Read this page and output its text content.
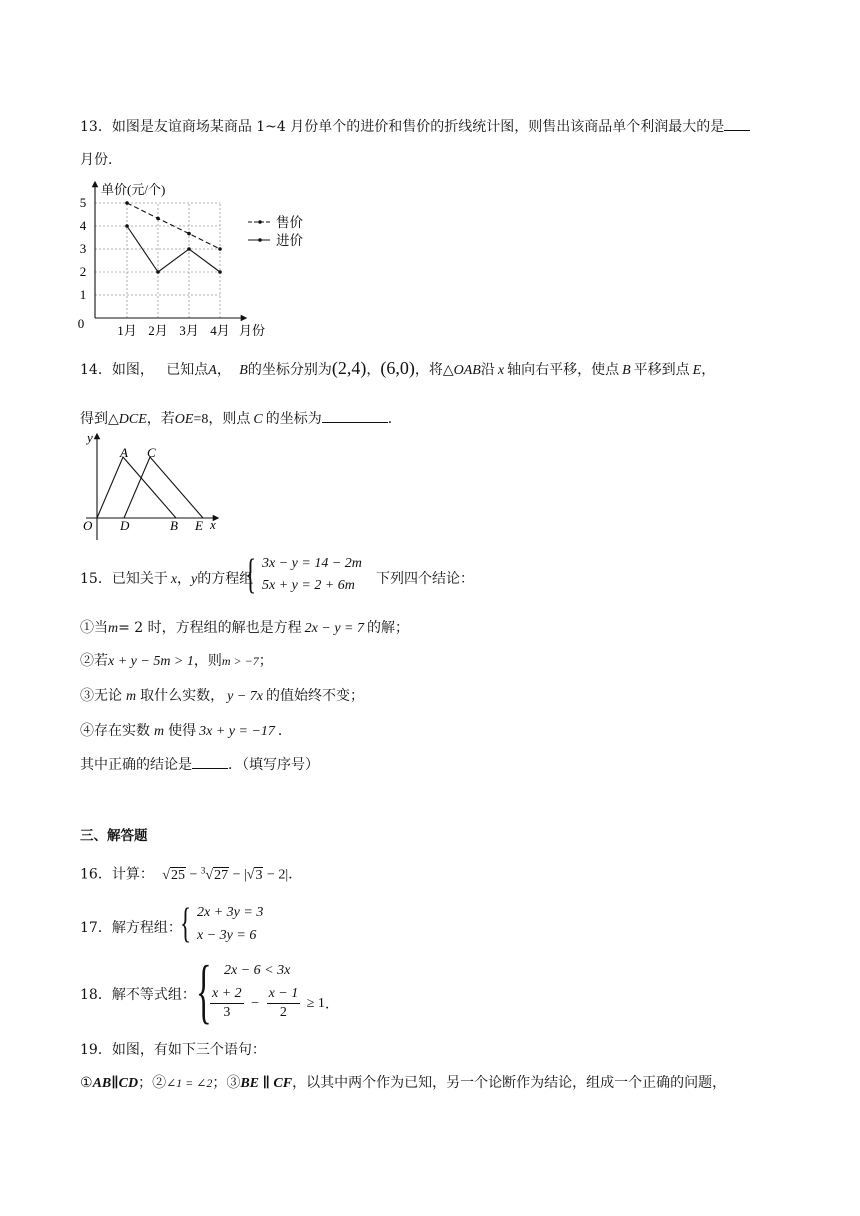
13．如图是友谊商场某商品 1~4 月份单个的进价和售价的折线统计图，则售出该商品单个利润最大的是
月份．
0
1
2
3
4
5
1月 2月 3月 4月 月份
单价(元/个)
售价
进价
14．如图， 已知点A， B的坐标分别为(2,4)，(6,0)，将△OAB沿 x 轴向右平移，使点 B 平移到点 E，
得到△DCE，若OE=8，则点 C 的坐标为	．
y
A C
O D	B E x
15．已知关于 x，y的方程组
{ 3x − y = 14 − 2m
5x + y = 2 + 6m 下列四个结论：
①当m= 2 时，方程组的解也是方程 2x − y = 7 的解；
②若x + y − 5m > 1，则m > −7；
③无论 m 取什么实数， y − 7x 的值始终不变；
④存在实数 m 使得 3x + y = −17 ．
其中正确的结论是	．（填写序号）
三、解答题
16．计算： √25 − $^3$√27 − |√3 − 2|．
17．解方程组：
{ 2x + 3y = 3
x − 3y = 6
18．解不等式组： { 2x − 6 < 3x
$\frac{x + 2}{3} - \frac{x - 1}{2} \ge 1$．
19．如图，有如下三个语句：
①AB∥CD；②∠1 = ∠2；③BE ∥ CF，以其中两个作为已知，另一个论断作为结论，组成一个正确的问题，
